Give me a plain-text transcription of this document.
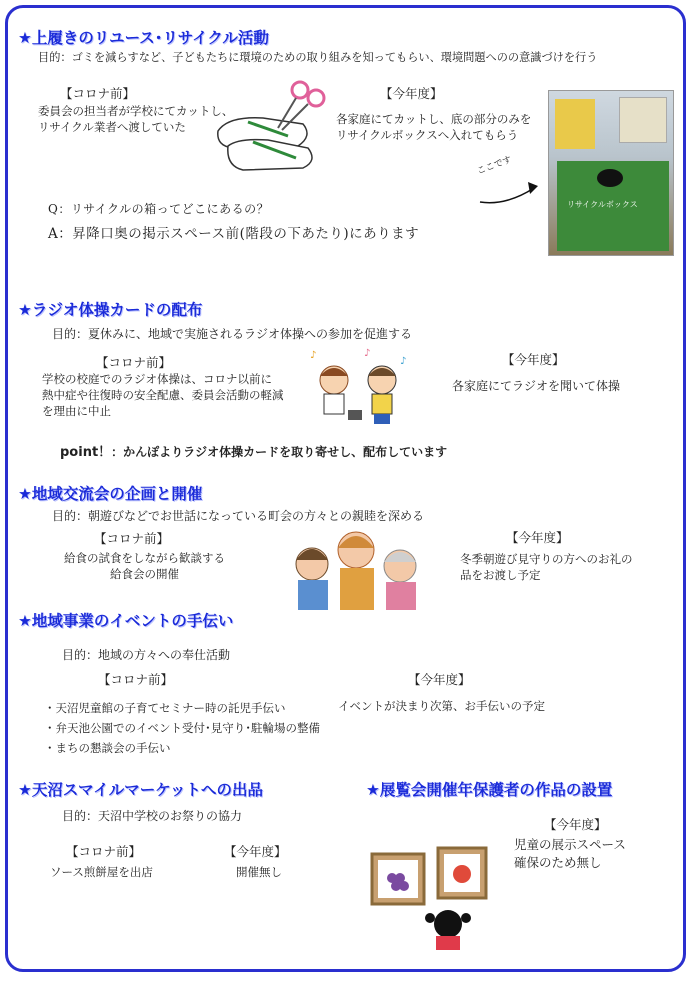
★上履きのリユース･リサイクル活動
目的：ゴミを減らすなど、子どもたちに環境のための取り組みを知ってもらい、環境問題へのの意識づけを行う
【コロナ前】
委員会の担当者が学校にてカットし、
リサイクル業者へ渡していた
【今年度】
各家庭にてカットし、底の部分のみを
リサイクルボックスへ入れてもらう
リサイクルボックス
ここです
Q：リサイクルの箱ってどこにあるの？
A：昇降口奥の掲示スペース前(階段の下あたり)にあります
★ラジオ体操カードの配布
目的：夏休みに、地域で実施されるラジオ体操への参加を促進する
【コロナ前】
学校の校庭でのラジオ体操は、コロナ以前に
熱中症や往復時の安全配慮、委員会活動の軽減
を理由に中止
【今年度】
各家庭にてラジオを聞いて体操
♪	♪
♪
point！：かんぽよりラジオ体操カードを取り寄せし、配布しています
★地域交流会の企画と開催
目的：朝遊びなどでお世話になっている町会の方々との親睦を深める
【コロナ前】
給食の試食をしながら歓談する
給食会の開催
【今年度】
冬季朝遊び見守りの方へのお礼の
品をお渡し予定
★地域事業のイベントの手伝い
目的：地域の方々への奉仕活動
【コロナ前】
・天沼児童館の子育てセミナー時の託児手伝い
・弁天池公園でのイベント受付･見守り･駐輪場の整備
・まちの懇談会の手伝い
【今年度】
イベントが決まり次第、お手伝いの予定
★天沼スマイルマーケットへの出品
目的：天沼中学校のお祭りの協力
【コロナ前】
ソース煎餅屋を出店
【今年度】
開催無し
★展覧会開催年保護者の作品の設置
【今年度】
児童の展示スペース
確保のため無し
